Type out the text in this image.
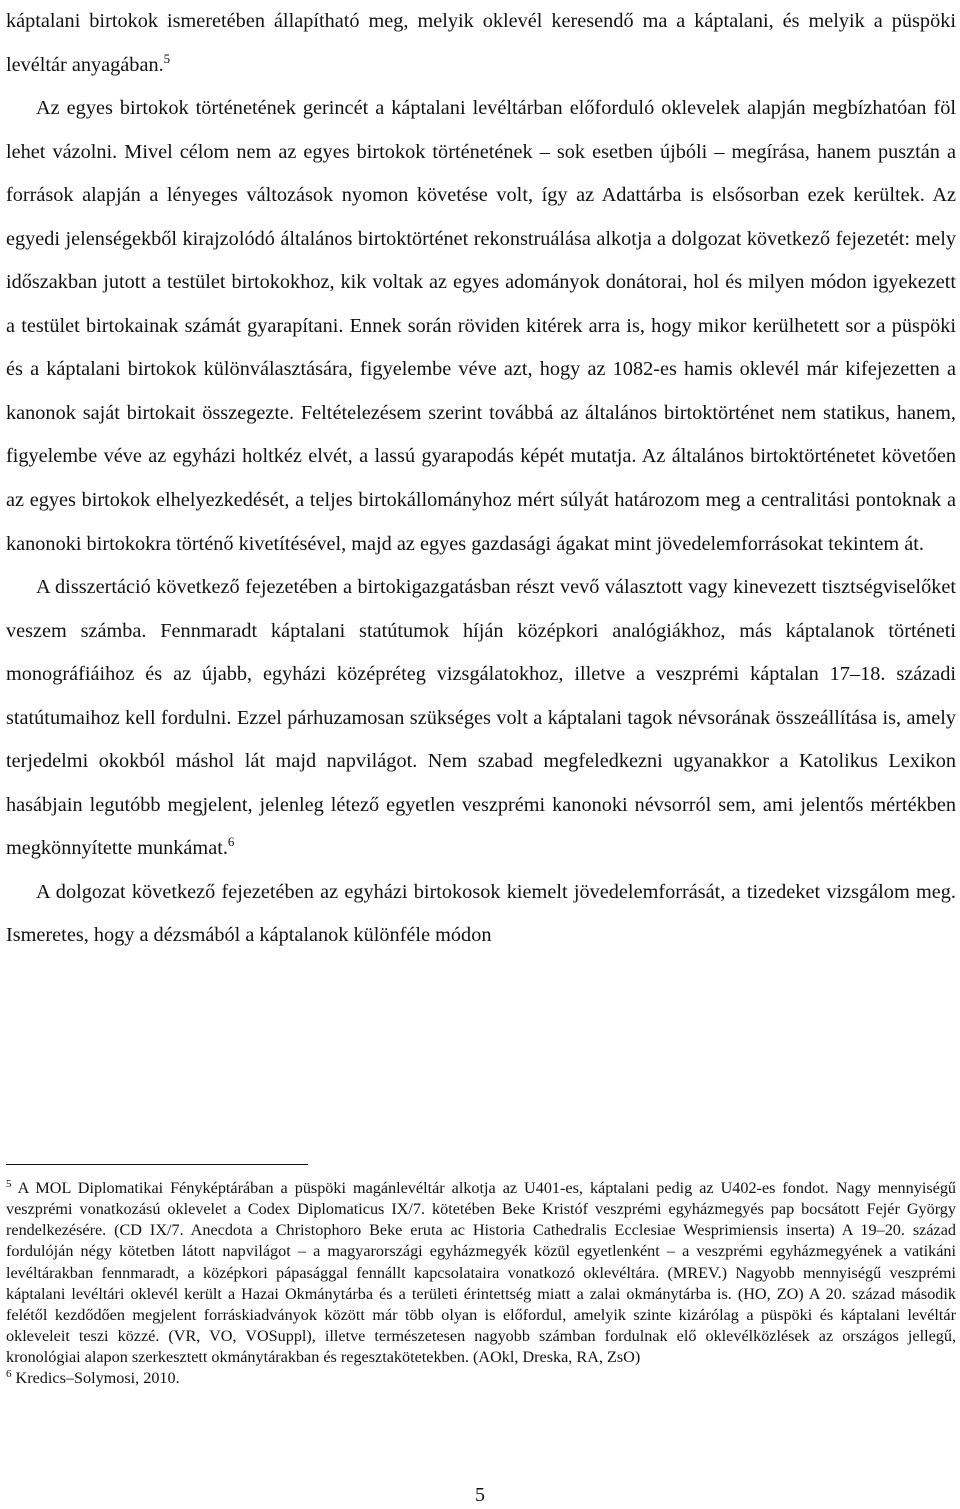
káptalani birtokok ismeretében állapítható meg, melyik oklevél keresendő ma a káptalani, és melyik a püspöki levéltár anyagában.$^5$

Az egyes birtokok történetének gerincét a káptalani levéltárban előforduló oklevelek alapján megbízhatóan föl lehet vázolni. Mivel célom nem az egyes birtokok történetének – sok esetben újbóli – megírása, hanem pusztán a források alapján a lényeges változások nyomon követése volt, így az Adattárba is elsősorban ezek kerültek. Az egyedi jelenségekből kirajzolódó általános birtoktörténet rekonstruálása alkotja a dolgozat következő fejezetét: mely időszakban jutott a testület birtokokhoz, kik voltak az egyes adományok donátorai, hol és milyen módon igyekezett a testület birtokainak számát gyarapítani. Ennek során röviden kitérek arra is, hogy mikor kerülhetett sor a püspöki és a káptalani birtokok különválasztására, figyelembe véve azt, hogy az 1082-es hamis oklevél már kifejezetten a kanonok saját birtokait összegezte. Feltételezésem szerint továbbá az általános birtoktörténet nem statikus, hanem, figyelembe véve az egyházi holtkéz elvét, a lassú gyarapodás képét mutatja. Az általános birtoktörténetet követően az egyes birtokok elhelyezkedését, a teljes birtokállományhoz mért súlyát határozom meg a centralitási pontoknak a kanonoki birtokokra történő kivetítésével, majd az egyes gazdasági ágakat mint jövedelemforrásokat tekintem át.

A disszertáció következő fejezetében a birtokigazgatásban részt vevő választott vagy kinevezett tisztségviselőket veszem számba. Fennmaradt káptalani statútumok híján középkori analógiákhoz, más káptalanok történeti monográfiáihoz és az újabb, egyházi középréteg vizsgálatokhoz, illetve a veszprémi káptalan 17–18. századi statútumaihoz kell fordulni. Ezzel párhuzamosan szükséges volt a káptalani tagok névsorának összeállítása is, amely terjedelmi okokból máshol lát majd napvilágot. Nem szabad megfeledkezni ugyanakkor a Katolikus Lexikon hasábjain legutóbb megjelent, jelenleg létező egyetlen veszprémi kanonoki névsorról sem, ami jelentős mértékben megkönnyítette munkámat.$^6$

A dolgozat következő fejezetében az egyházi birtokosok kiemelt jövedelemforrását, a tizedeket vizsgálom meg. Ismeretes, hogy a dézsmából a káptalanok különféle módon

$^5$ A MOL Diplomatikai Fényképtárában a püspöki magánlevéltár alkotja az U401-es, káptalani pedig az U402-es fondot. Nagy mennyiségű veszprémi vonatkozású oklevelet a Codex Diplomaticus IX/7. kötetében Beke Kristóf veszprémi egyházmegyés pap bocsátott Fejér György rendelkezésére. (CD IX/7. Anecdota a Christophoro Beke eruta ac Historia Cathedralis Ecclesiae Wesprimiensis inserta) A 19–20. század fordulóján négy kötetben látott napvilágot – a magyarországi egyházmegyék közül egyetlenként – a veszprémi egyházmegyének a vatikáni levéltárakban fennmaradt, a középkori pápasággal fennállt kapcsolataira vonatkozó oklevéltára. (MREV.) Nagyobb mennyiségű veszprémi káptalani levéltári oklevél került a Hazai Okmánytárba és a területi érintettség miatt a zalai okmánytárba is. (HO, ZO) A 20. század második felétől kezdődően megjelent forráskiadványok között már több olyan is előfordul, amelyik szinte kizárólag a püspöki és káptalani levéltár okleveleit teszi közzé. (VR, VO, VOSuppl), illetve természetesen nagyobb számban fordulnak elő oklevélközlések az országos jellegű, kronológiai alapon szerkesztett okmánytárakban és regesztakötetekben. (AOkl, Dreska, RA, ZsO)

$^6$ Kredics–Solymosi, 2010.

5
